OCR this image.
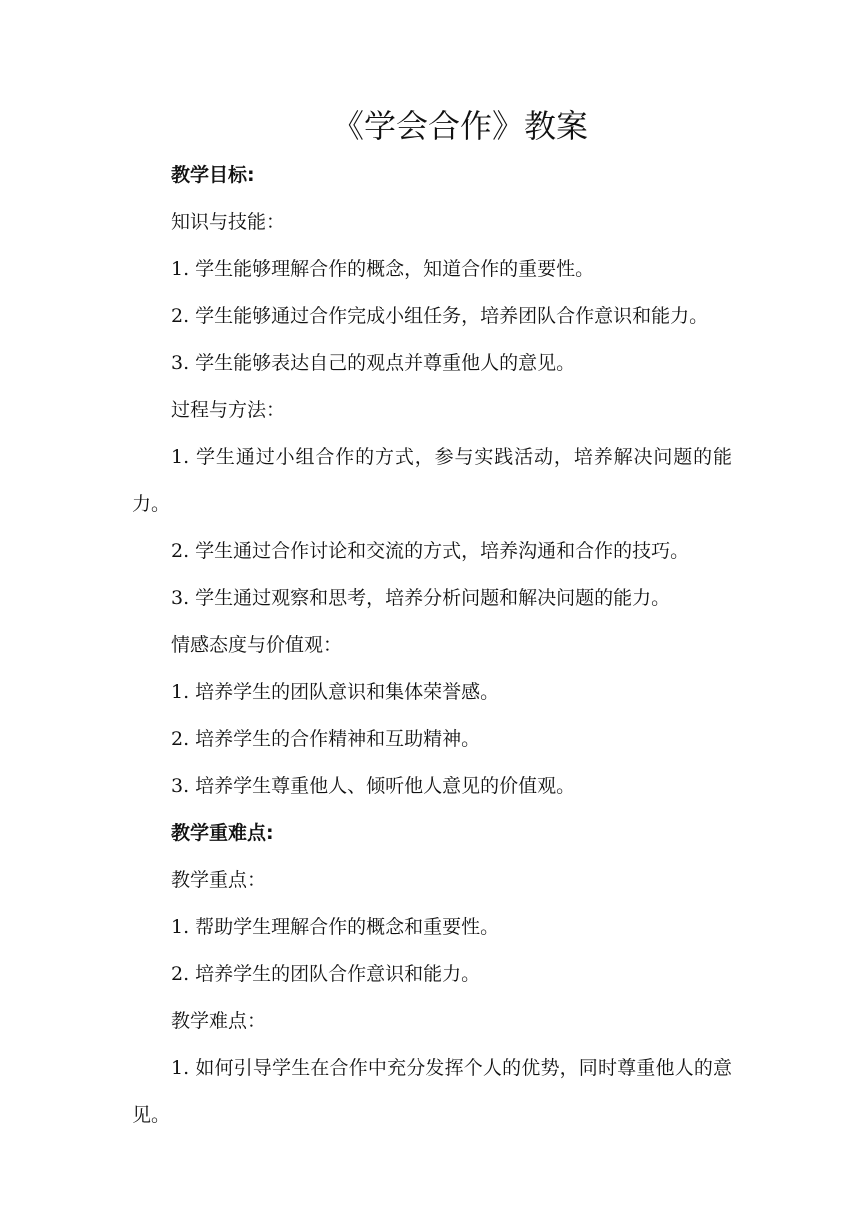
《学会合作》教案

教学目标:

知识与技能：

1. 学生能够理解合作的概念，知道合作的重要性。

2. 学生能够通过合作完成小组任务，培养团队合作意识和能力。

3. 学生能够表达自己的观点并尊重他人的意见。

过程与方法：

1. 学生通过小组合作的方式，参与实践活动，培养解决问题的能力。

2. 学生通过合作讨论和交流的方式，培养沟通和合作的技巧。

3. 学生通过观察和思考，培养分析问题和解决问题的能力。

情感态度与价值观：

1. 培养学生的团队意识和集体荣誉感。

2. 培养学生的合作精神和互助精神。

3. 培养学生尊重他人、倾听他人意见的价值观。

教学重难点:

教学重点：

1. 帮助学生理解合作的概念和重要性。

2. 培养学生的团队合作意识和能力。

教学难点：

1. 如何引导学生在合作中充分发挥个人的优势，同时尊重他人的意见。
